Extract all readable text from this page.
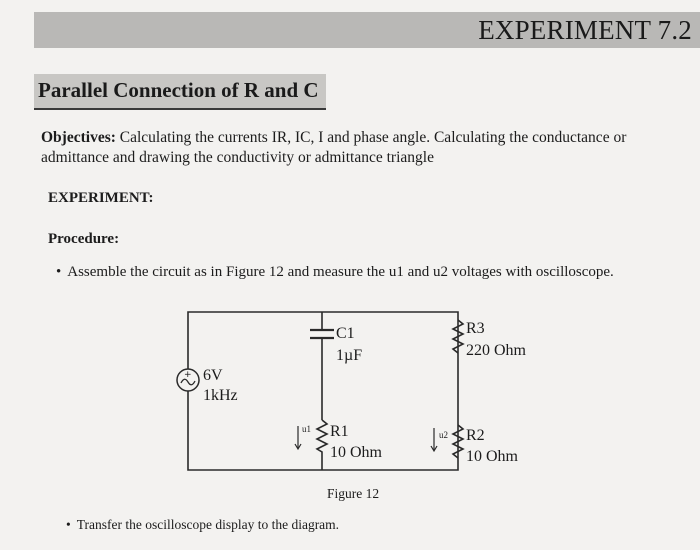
EXPERIMENT 7.2
Parallel Connection of R and C
Objectives: Calculating the currents IR, IC, I and phase angle. Calculating the conductance or admittance and drawing the conductivity or admittance triangle
EXPERIMENT:
Procedure:
• Assemble the circuit as in Figure 12 and measure the u1 and u2 voltages with oscilloscope.
C1
1µF
R1
10 Ohm
u1
R3
220 Ohm
R2
10 Ohm
u2
+ 6V
1kHz
Figure 12
• Transfer the oscilloscope display to the diagram.
